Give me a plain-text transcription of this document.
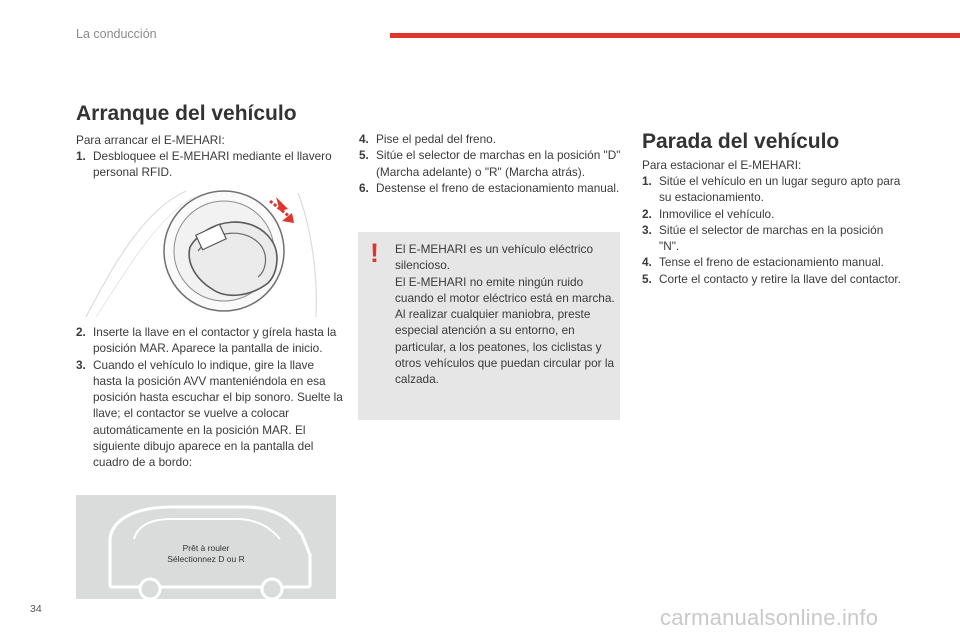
La conducción
Arranque del vehículo
Para arrancar el E-MEHARI:
1. Desbloquee el E-MEHARI mediante el llavero personal RFID.
2. Inserte la llave en el contactor y gírela hasta la posición MAR. Aparece la pantalla de inicio.
3. Cuando el vehículo lo indique, gire la llave hasta la posición AVV manteniéndola en esa posición hasta escuchar el bip sonoro. Suelte la llave; el contactor se vuelve a colocar automáticamente en la posición MAR. El siguiente dibujo aparece en la pantalla del cuadro de a bordo:
Prêt à rouler
Sélectionnez D ou R
4. Pise el pedal del freno.
5. Sitúe el selector de marchas en la posición "D" (Marcha adelante) o "R" (Marcha atrás).
6. Destense el freno de estacionamiento manual.
! El E-MEHARI es un vehículo eléctrico silencioso.
El E-MEHARI no emite ningún ruido cuando el motor eléctrico está en marcha.
Al realizar cualquier maniobra, preste especial atención a su entorno, en particular, a los peatones, los ciclistas y otros vehículos que puedan circular por la calzada.
Parada del vehículo
Para estacionar el E-MEHARI:
1. Sitúe el vehículo en un lugar seguro apto para su estacionamiento.
2. Inmovilice el vehículo.
3. Sitúe el selector de marchas en la posición "N".
4. Tense el freno de estacionamiento manual.
5. Corte el contacto y retire la llave del contactor.
34	carmanualsonline.info
